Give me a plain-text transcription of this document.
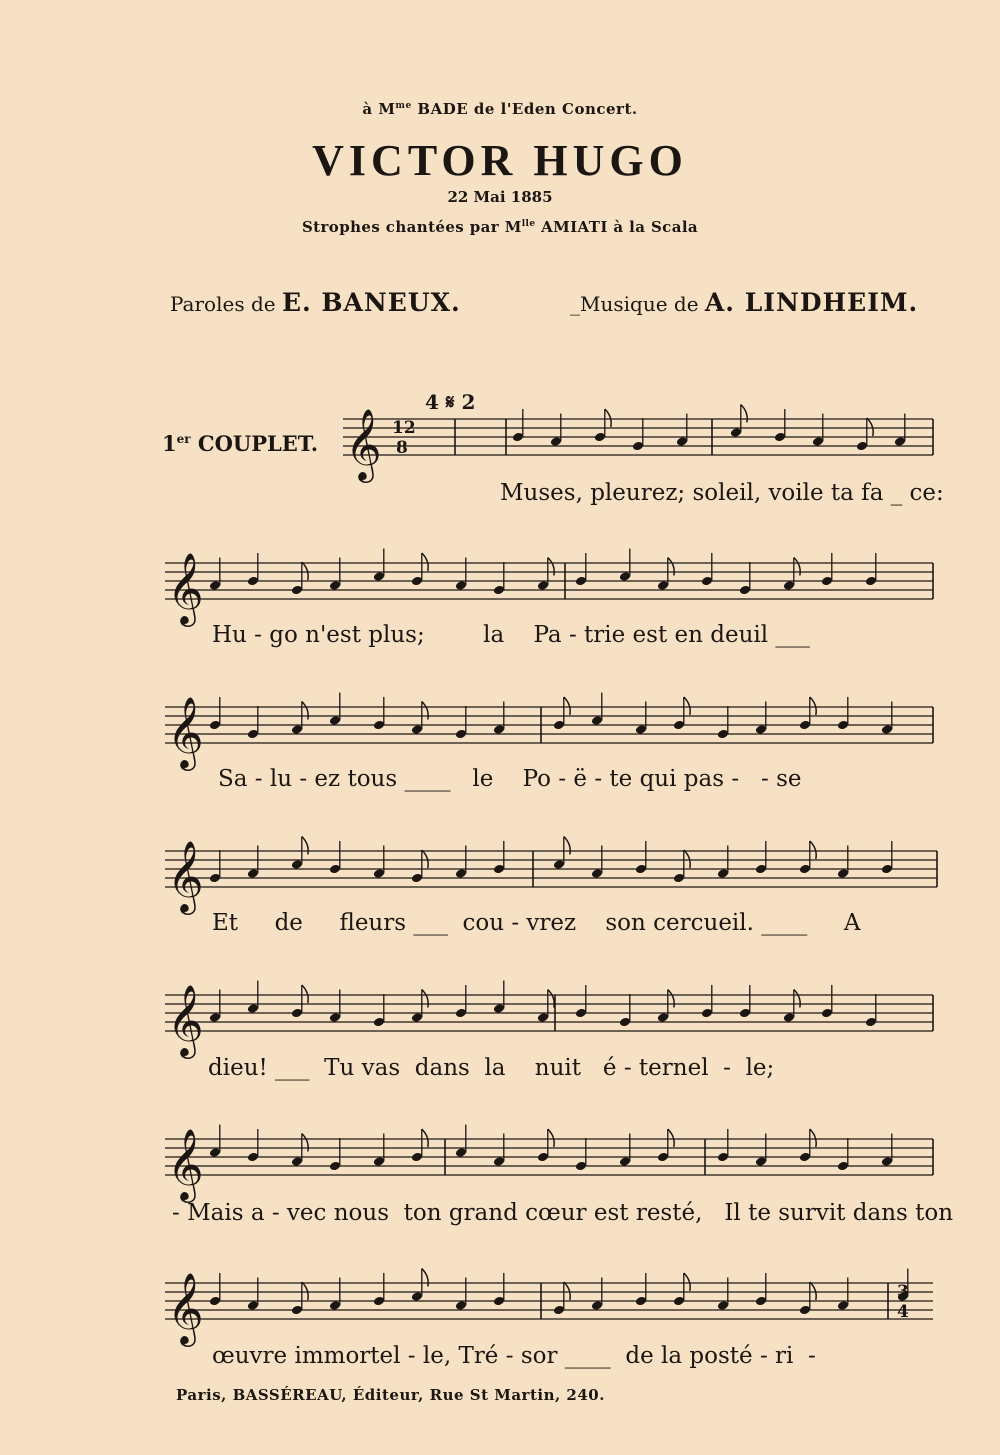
à $M^{me}$ BADE de l'Eden Concert.
VICTOR HUGO
22 Mai 1885
Strophes chantées par $M^{lle}$ AMIATI à la Scala
Paroles de E. BANEUX.	_Musique de A. LINDHEIM.
1er COUPLET.
4 𝄋 2
𝄞
𝄞
𝄞
𝄞
𝄞
𝄞
𝄞
12
8
3
4
Muses, pleurez; soleil, voile ta fa _ ce:
Hu - go n'est plus;        la    Pa - trie est en deuil ___
Sa - lu - ez tous ____   le    Po - ë - te qui pas -   - se
Et     de     fleurs ___  cou - vrez    son cercueil. ____     A
dieu! ___  Tu vas  dans  la    nuit   é - ternel  -  le;
- Mais a - vec nous  ton grand cœur est resté,   Il te survit dans ton
œuvre immortel - le, Tré - sor ____  de la posté - ri  -
Paris, BASSÉREAU, Éditeur, Rue St Martin, 240.
